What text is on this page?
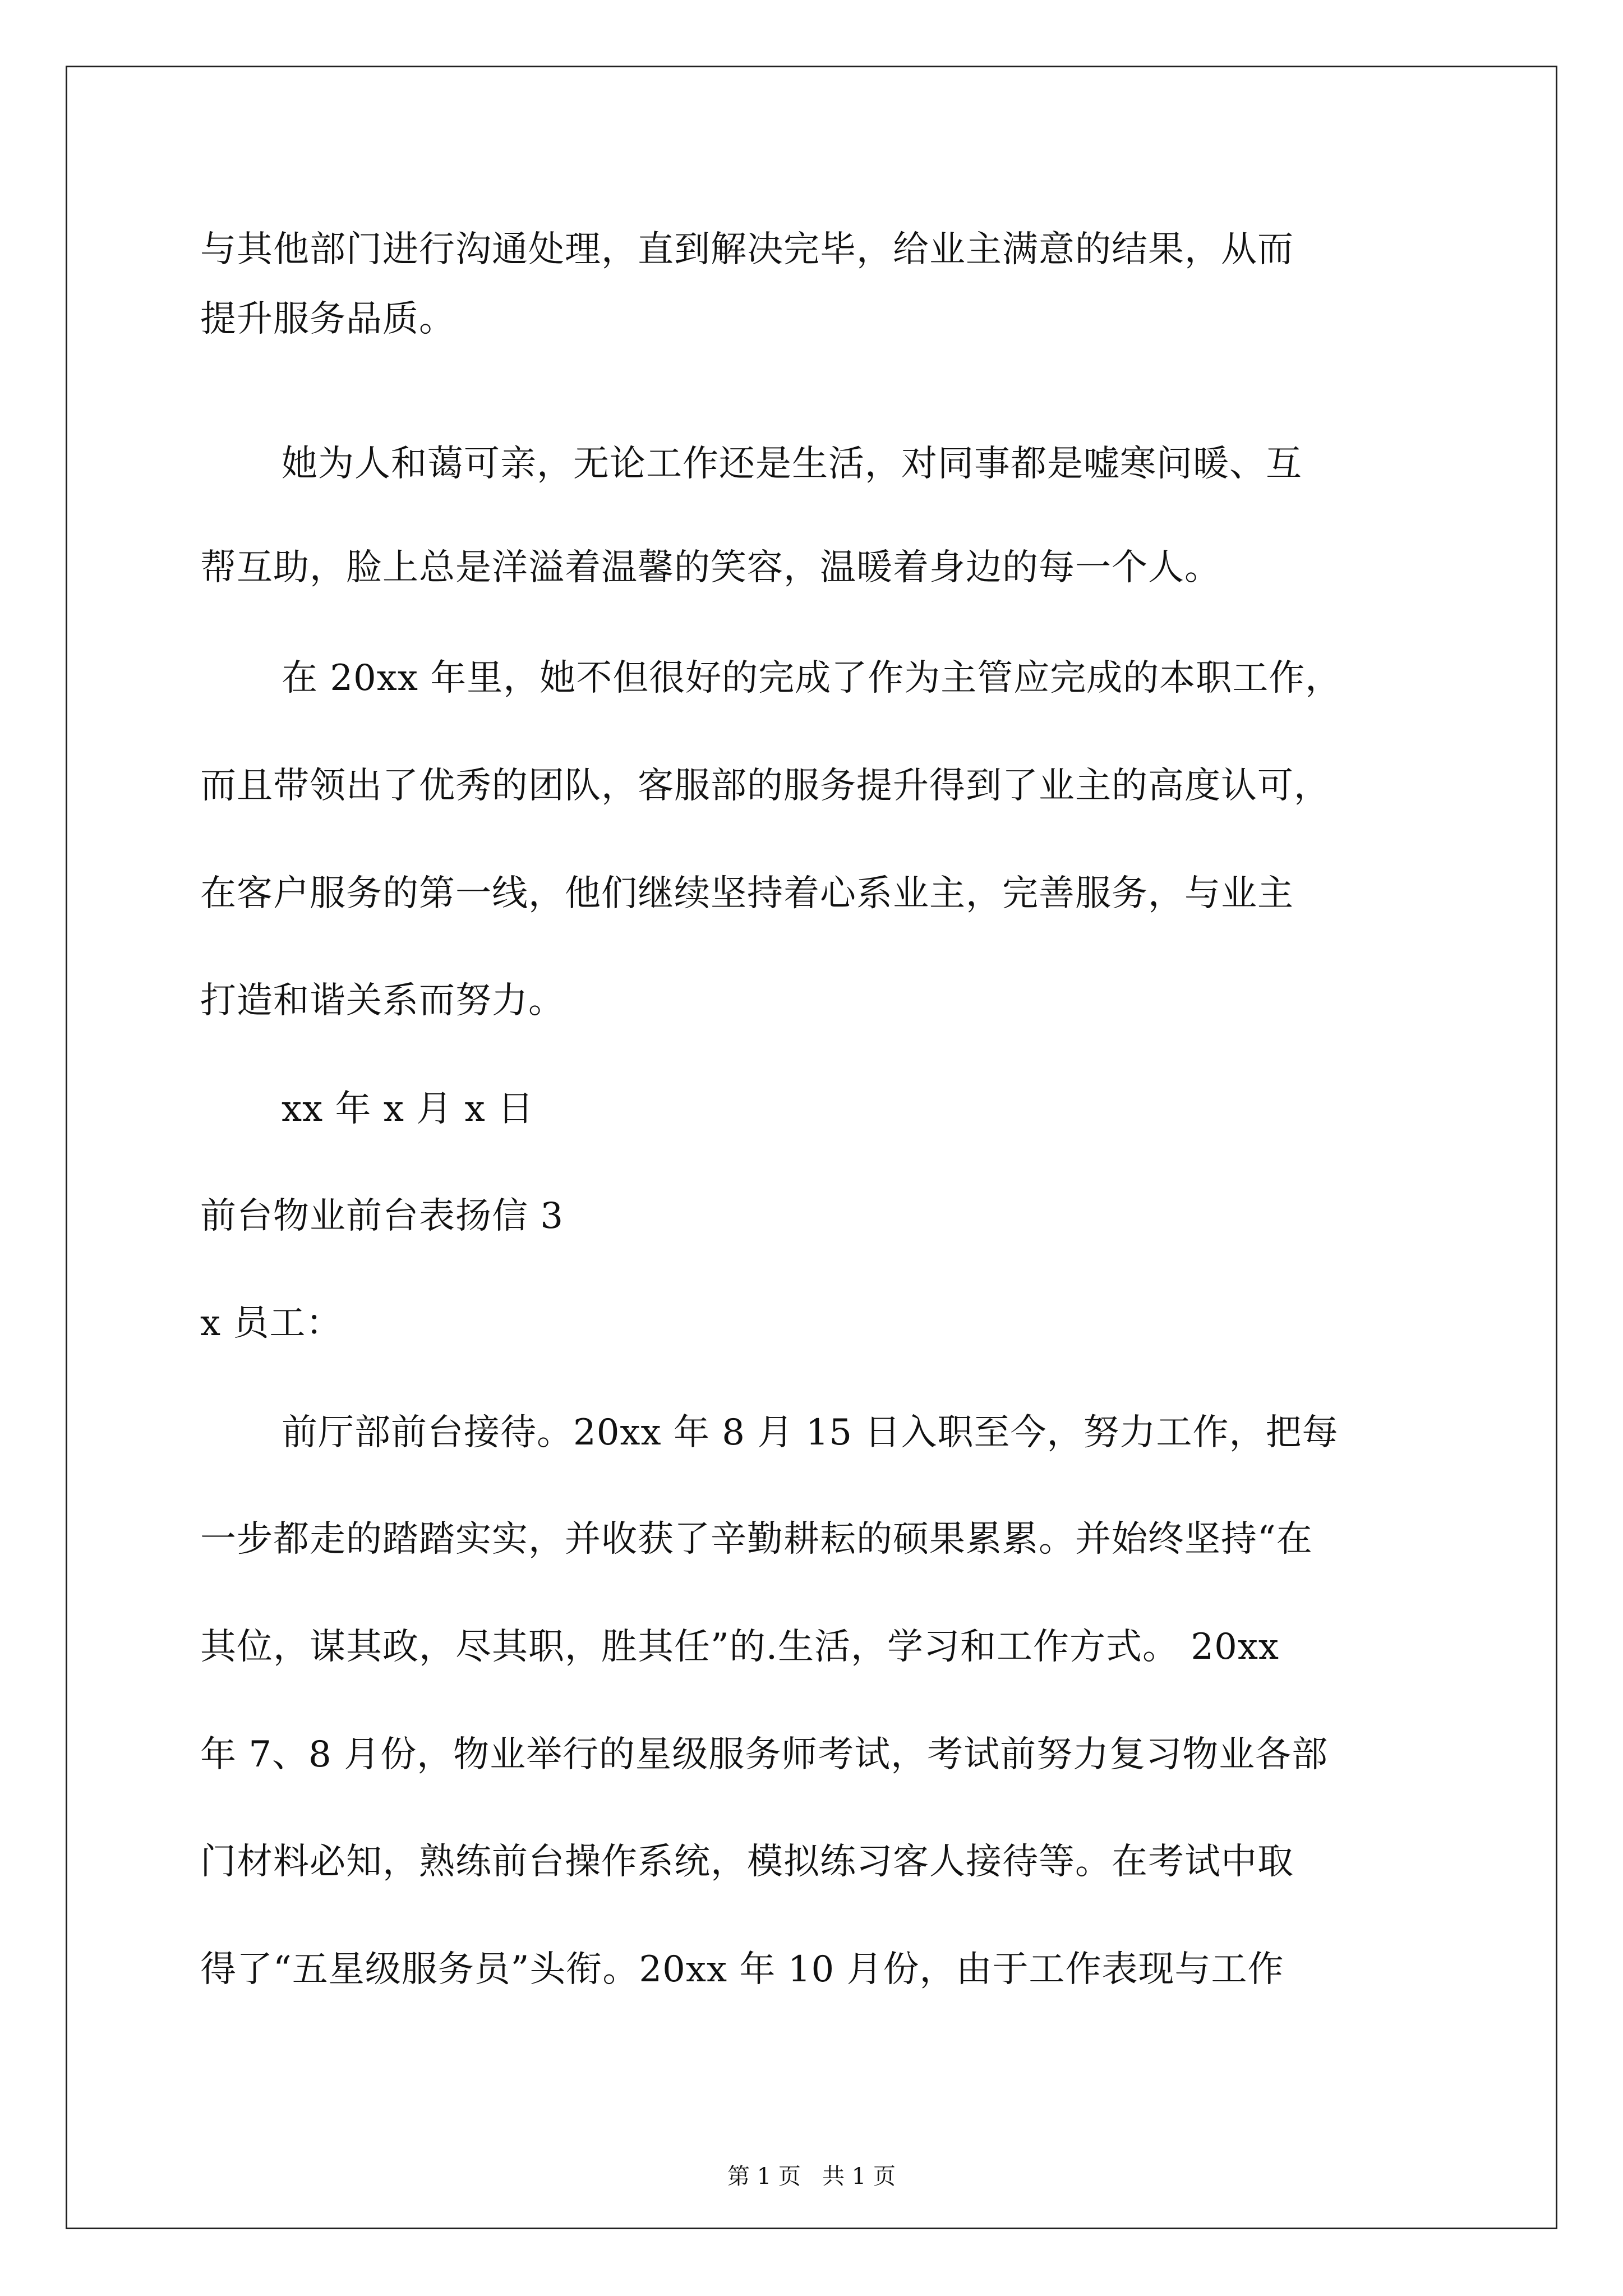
与其他部门进行沟通处理，直到解决完毕，给业主满意的结果，从而
提升服务品质。
她为人和蔼可亲，无论工作还是生活，对同事都是嘘寒问暖、互
帮互助，脸上总是洋溢着温馨的笑容，温暖着身边的每一个人。
在 20xx 年里，她不但很好的完成了作为主管应完成的本职工作，
而且带领出了优秀的团队，客服部的服务提升得到了业主的高度认可，
在客户服务的第一线，他们继续坚持着心系业主，完善服务，与业主
打造和谐关系而努力。
xx 年 x 月 x 日
前台物业前台表扬信 3
x 员工：
前厅部前台接待。20xx 年 8 月 15 日入职至今，努力工作，把每
一步都走的踏踏实实，并收获了辛勤耕耘的硕果累累。并始终坚持“在
其位，谋其政，尽其职，胜其任”的.生活，学习和工作方式。 20xx
年 7、8 月份，物业举行的星级服务师考试，考试前努力复习物业各部
门材料必知，熟练前台操作系统，模拟练习客人接待等。在考试中取
得了“五星级服务员”头衔。20xx 年 10 月份，由于工作表现与工作
第 1 页   共 1 页
